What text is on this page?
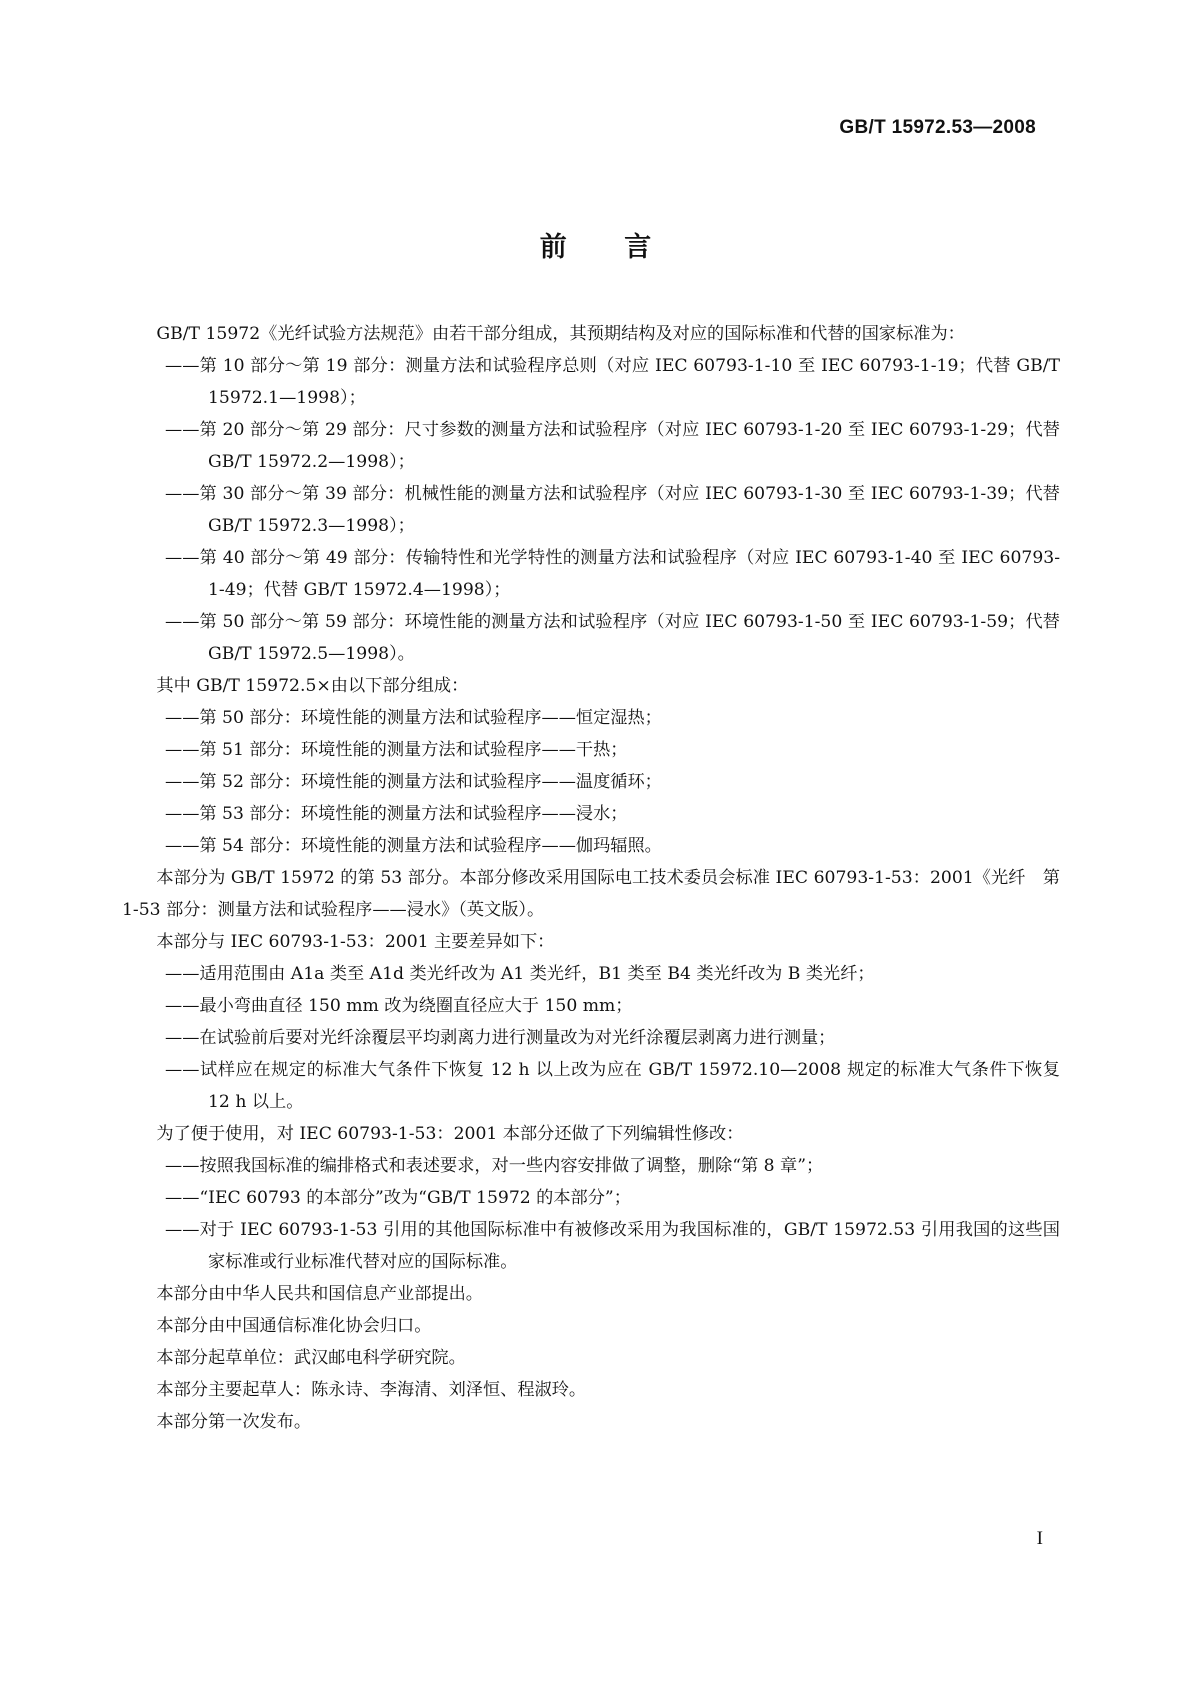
GB/T 15972.53—2008
前 言

GB/T 15972《光纤试验方法规范》由若干部分组成，其预期结构及对应的国际标准和代替的国家标准为：

——第 10 部分～第 19 部分：测量方法和试验程序总则（对应 IEC 60793-1-10 至 IEC 60793-1-19；代替 GB/T 15972.1—1998）；

——第 20 部分～第 29 部分：尺寸参数的测量方法和试验程序（对应 IEC 60793-1-20 至 IEC 60793-1-29；代替 GB/T 15972.2—1998）；

——第 30 部分～第 39 部分：机械性能的测量方法和试验程序（对应 IEC 60793-1-30 至 IEC 60793-1-39；代替 GB/T 15972.3—1998）；

——第 40 部分～第 49 部分：传输特性和光学特性的测量方法和试验程序（对应 IEC 60793-1-40 至 IEC 60793-1-49；代替 GB/T 15972.4—1998）；

——第 50 部分～第 59 部分：环境性能的测量方法和试验程序（对应 IEC 60793-1-50 至 IEC 60793-1-59；代替 GB/T 15972.5—1998）。

其中 GB/T 15972.5×由以下部分组成：

——第 50 部分：环境性能的测量方法和试验程序——恒定湿热；

——第 51 部分：环境性能的测量方法和试验程序——干热；

——第 52 部分：环境性能的测量方法和试验程序——温度循环；

——第 53 部分：环境性能的测量方法和试验程序——浸水；

——第 54 部分：环境性能的测量方法和试验程序——伽玛辐照。

本部分为 GB/T 15972 的第 53 部分。本部分修改采用国际电工技术委员会标准 IEC 60793-1-53：2001《光纤　第 1-53 部分：测量方法和试验程序——浸水》（英文版）。

本部分与 IEC 60793-1-53：2001 主要差异如下：

——适用范围由 A1a 类至 A1d 类光纤改为 A1 类光纤，B1 类至 B4 类光纤改为 B 类光纤；

——最小弯曲直径 150 mm 改为绕圈直径应大于 150 mm；

——在试验前后要对光纤涂覆层平均剥离力进行测量改为对光纤涂覆层剥离力进行测量；

——试样应在规定的标准大气条件下恢复 12 h 以上改为应在 GB/T 15972.10—2008 规定的标准大气条件下恢复 12 h 以上。

为了便于使用，对 IEC 60793-1-53：2001 本部分还做了下列编辑性修改：

——按照我国标准的编排格式和表述要求，对一些内容安排做了调整，删除“第 8 章”；

——“IEC 60793 的本部分”改为“GB/T 15972 的本部分”；

——对于 IEC 60793-1-53 引用的其他国际标准中有被修改采用为我国标准的，GB/T 15972.53 引用我国的这些国家标准或行业标准代替对应的国际标准。

本部分由中华人民共和国信息产业部提出。

本部分由中国通信标准化协会归口。

本部分起草单位：武汉邮电科学研究院。

本部分主要起草人：陈永诗、李海清、刘泽恒、程淑玲。

本部分第一次发布。

I
